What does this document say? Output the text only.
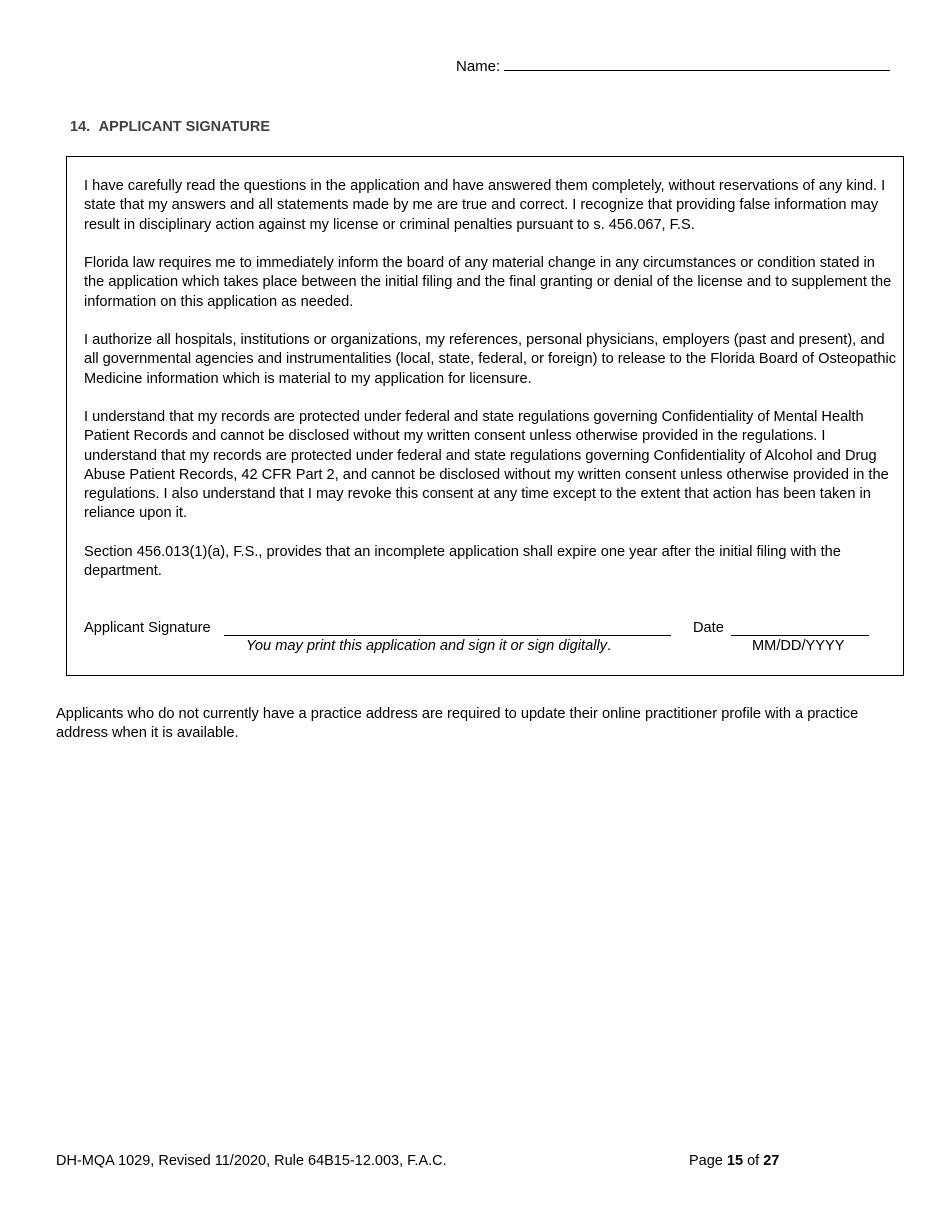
Name:
14. APPLICANT SIGNATURE

I have carefully read the questions in the application and have answered them completely, without reservations of any kind. I state that my answers and all statements made by me are true and correct. I recognize that providing false information may result in disciplinary action against my license or criminal penalties pursuant to s. 456.067, F.S.

Florida law requires me to immediately inform the board of any material change in any circumstances or condition stated in the application which takes place between the initial filing and the final granting or denial of the license and to supplement the information on this application as needed.

I authorize all hospitals, institutions or organizations, my references, personal physicians, employers (past and present), and all governmental agencies and instrumentalities (local, state, federal, or foreign) to release to the Florida Board of Osteopathic Medicine information which is material to my application for licensure.

I understand that my records are protected under federal and state regulations governing Confidentiality of Mental Health Patient Records and cannot be disclosed without my written consent unless otherwise provided in the regulations. I understand that my records are protected under federal and state regulations governing Confidentiality of Alcohol and Drug Abuse Patient Records, 42 CFR Part 2, and cannot be disclosed without my written consent unless otherwise provided in the regulations. I also understand that I may revoke this consent at any time except to the extent that action has been taken in reliance upon it.

Section 456.013(1)(a), F.S., provides that an incomplete application shall expire one year after the initial filing with the department.

Applicant Signature
You may print this application and sign it or sign digitally.
Date
MM/DD/YYYY

Applicants who do not currently have a practice address are required to update their online practitioner profile with a practice address when it is available.

DH-MQA 1029, Revised 11/2020, Rule 64B15-12.003, F.A.C.	Page 15 of 27
